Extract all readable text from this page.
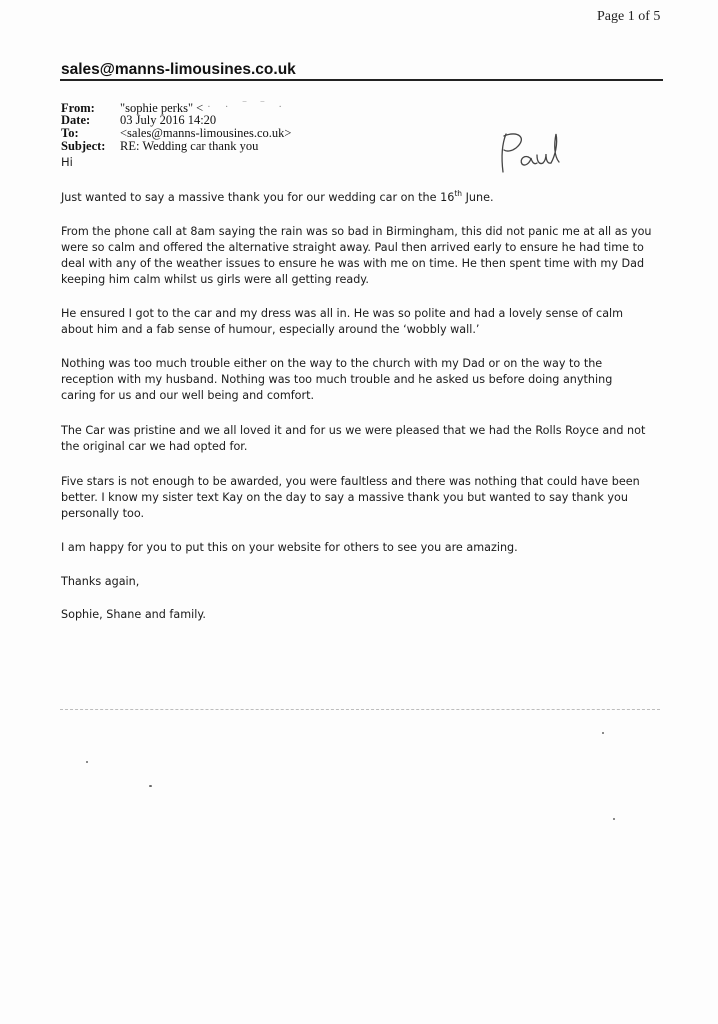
Page 1 of 5
sales@manns-limousines.co.uk
From: "sophie perks" < · · ‾ ‾ ·
Date: 03 July 2016 14:20
To:	<sales@manns-limousines.co.uk>
Subject: RE: Wedding car thank you
Hi

Just wanted to say a massive thank you for our wedding car on the 16th June.

From the phone call at 8am saying the rain was so bad in Birmingham, this did not panic me at all as you
were so calm and offered the alternative straight away. Paul then arrived early to ensure he had time to
deal with any of the weather issues to ensure he was with me on time. He then spent time with my Dad
keeping him calm whilst us girls were all getting ready.

He ensured I got to the car and my dress was all in. He was so polite and had a lovely sense of calm
about him and a fab sense of humour, especially around the ‘wobbly wall.’

Nothing was too much trouble either on the way to the church with my Dad or on the way to the
reception with my husband. Nothing was too much trouble and he asked us before doing anything
caring for us and our well being and comfort.

The Car was pristine and we all loved it and for us we were pleased that we had the Rolls Royce and not
the original car we had opted for.

Five stars is not enough to be awarded, you were faultless and there was nothing that could have been
better. I know my sister text Kay on the day to say a massive thank you but wanted to say thank you
personally too.

I am happy for you to put this on your website for others to see you are amazing.

Thanks again,

Sophie, Shane and family.
